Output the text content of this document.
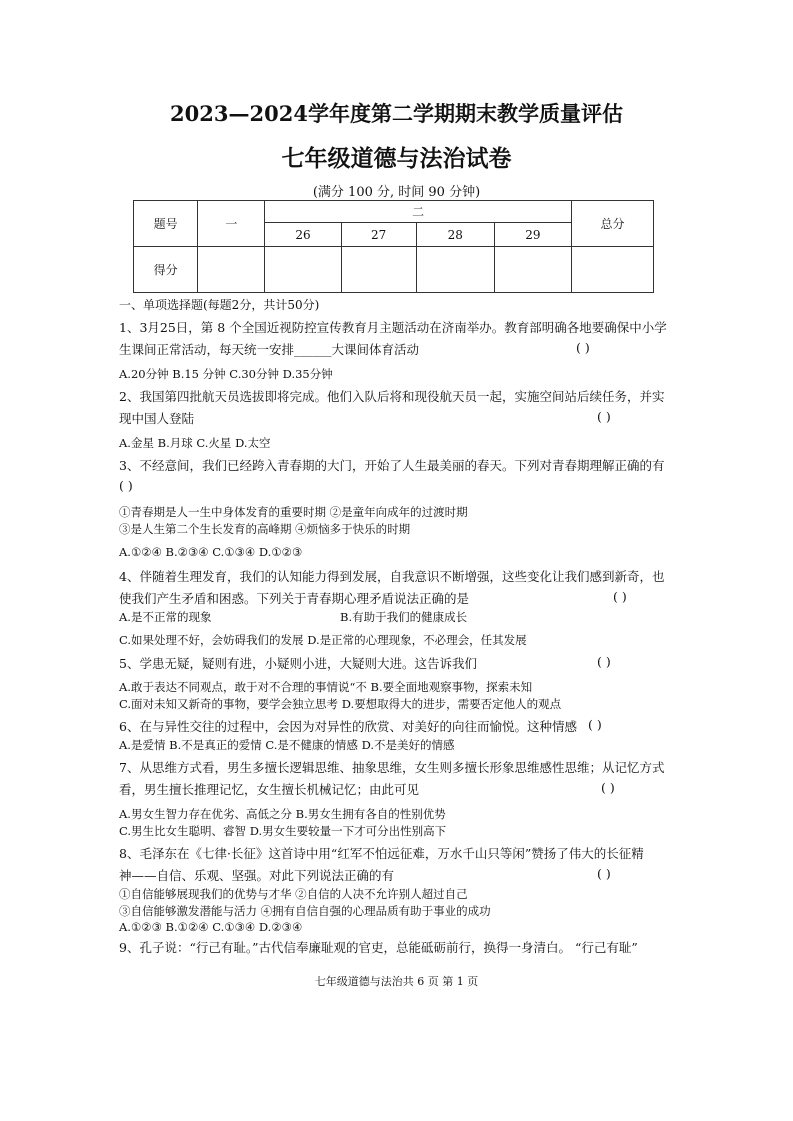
2023—2024学年度第二学期期末教学质量评估
七年级道德与法治试卷
(满分 100 分, 时间 90 分钟)
题号	一	二				总分
		26	27	28	29	
得分						
一、单项选择题(每题2分，共计50分)
1、3月25日，第 8 个全国近视防控宣传教育月主题活动在济南举办。教育部明确各地要确保中小学
生课间正常活动，每天统一安排______大课间体育活动	( )
A.20分钟 B.15 分钟 C.30分钟 D.35分钟
2、我国第四批航天员选拔即将完成。他们入队后将和现役航天员一起，实施空间站后续任务，并实
现中国人登陆	( )
A.金星 B.月球 C.火星 D.太空
3、不经意间，我们已经跨入青春期的大门，开始了人生最美丽的春天。下列对青春期理解正确的有
( )
①青春期是人一生中身体发育的重要时期 ②是童年向成年的过渡时期
③是人生第二个生长发育的高峰期 ④烦恼多于快乐的时期
A.①②④ B.②③④ C.①③④ D.①②③
4、伴随着生理发育，我们的认知能力得到发展，自我意识不断增强，这些变化让我们感到新奇，也
使我们产生矛盾和困惑。下列关于青春期心理矛盾说法正确的是	( )
A.是不正常的现象	B.有助于我们的健康成长
C.如果处理不好，会妨碍我们的发展 D.是正常的心理现象，不必理会，任其发展
5、学患无疑，疑则有进，小疑则小进，大疑则大进。这告诉我们	( )
A.敢于表达不同观点，敢于对不合理的事情说“不 B.要全面地观察事物，探索未知
C.面对未知又新奇的事物，要学会独立思考 D.要想取得大的进步，需要否定他人的观点
6、在与异性交往的过程中，会因为对异性的欣赏、对美好的向往而愉悦。这种情感 ( )
A.是爱情 B.不是真正的爱情 C.是不健康的情感 D.不是美好的情感
7、从思维方式看，男生多擅长逻辑思维、抽象思维，女生则多擅长形象思维感性思维；从记忆方式
看，男生擅长推理记忆，女生擅长机械记忆；由此可见	( )
A.男女生智力存在优劣、高低之分 B.男女生拥有各自的性别优势
C.男生比女生聪明、睿智 D.男女生要较量一下才可分出性别高下
8、毛泽东在《七律·长征》这首诗中用“红军不怕远征难，万水千山只等闲”赞扬了伟大的长征精
神——自信、乐观、坚强。对此下列说法正确的有	( )
①自信能够展现我们的优势与才华 ②自信的人决不允许别人超过自己
③自信能够激发潜能与活力 ④拥有自信自强的心理品质有助于事业的成功
A.①②③ B.①②④ C.①③④ D.②③④
9、孔子说：“行己有耻。”古代信奉廉耻观的官吏，总能砥砺前行，换得一身清白。 “行己有耻”
七年级道德与法治共 6 页 第 1 页
